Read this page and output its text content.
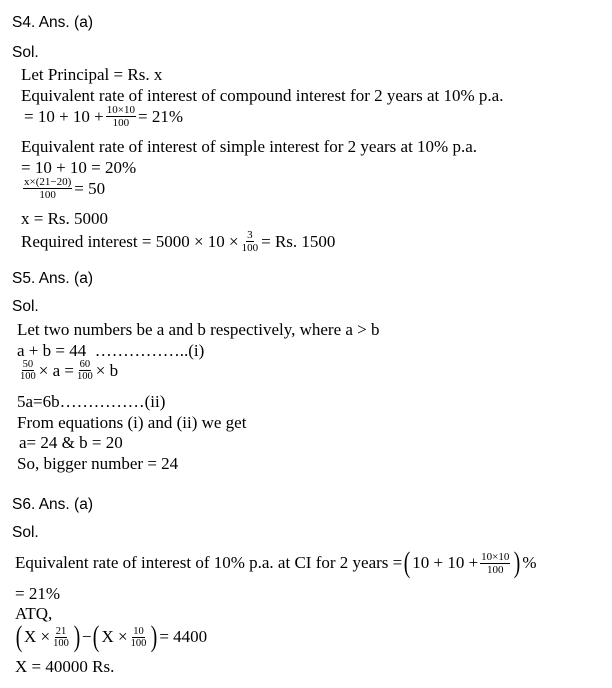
S4. Ans. (a)
Sol.
Let Principal = Rs. x
Equivalent rate of interest of compound interest for 2 years at 10% p.a.
= $10 + 10 + \frac{10\times 10}{100} = 21\%$
Equivalent rate of interest of simple interest for 2 years at 10% p.a.
= 10 + 10 = 20%
$\frac{x\times(21-20)}{100} = 50$
x = Rs. 5000
Required interest = $5000 \times 10 \times \frac{3}{100} = Rs$. 1500
S5. Ans. (a)
Sol.
Let two numbers be a and b respectively, where a > b
a + b = 44  ……………..(i)
$\frac{50}{100} \times a = \frac{60}{100} \times b$
5a=6b……………(ii)
From equations (i) and (ii) we get
a= 24 & b = 20
So, bigger number = 24
S6. Ans. (a)
Sol.
Equivalent rate of interest of 10% p.a. at CI for 2 years = ( $10 + 10 + \frac{10\times 10}{100}$ ) %
= 21%
ATQ,
( $X \times \frac{21}{100}$ ) − ( $X \times \frac{10}{100}$ ) = 4400
X = 40000 Rs.
